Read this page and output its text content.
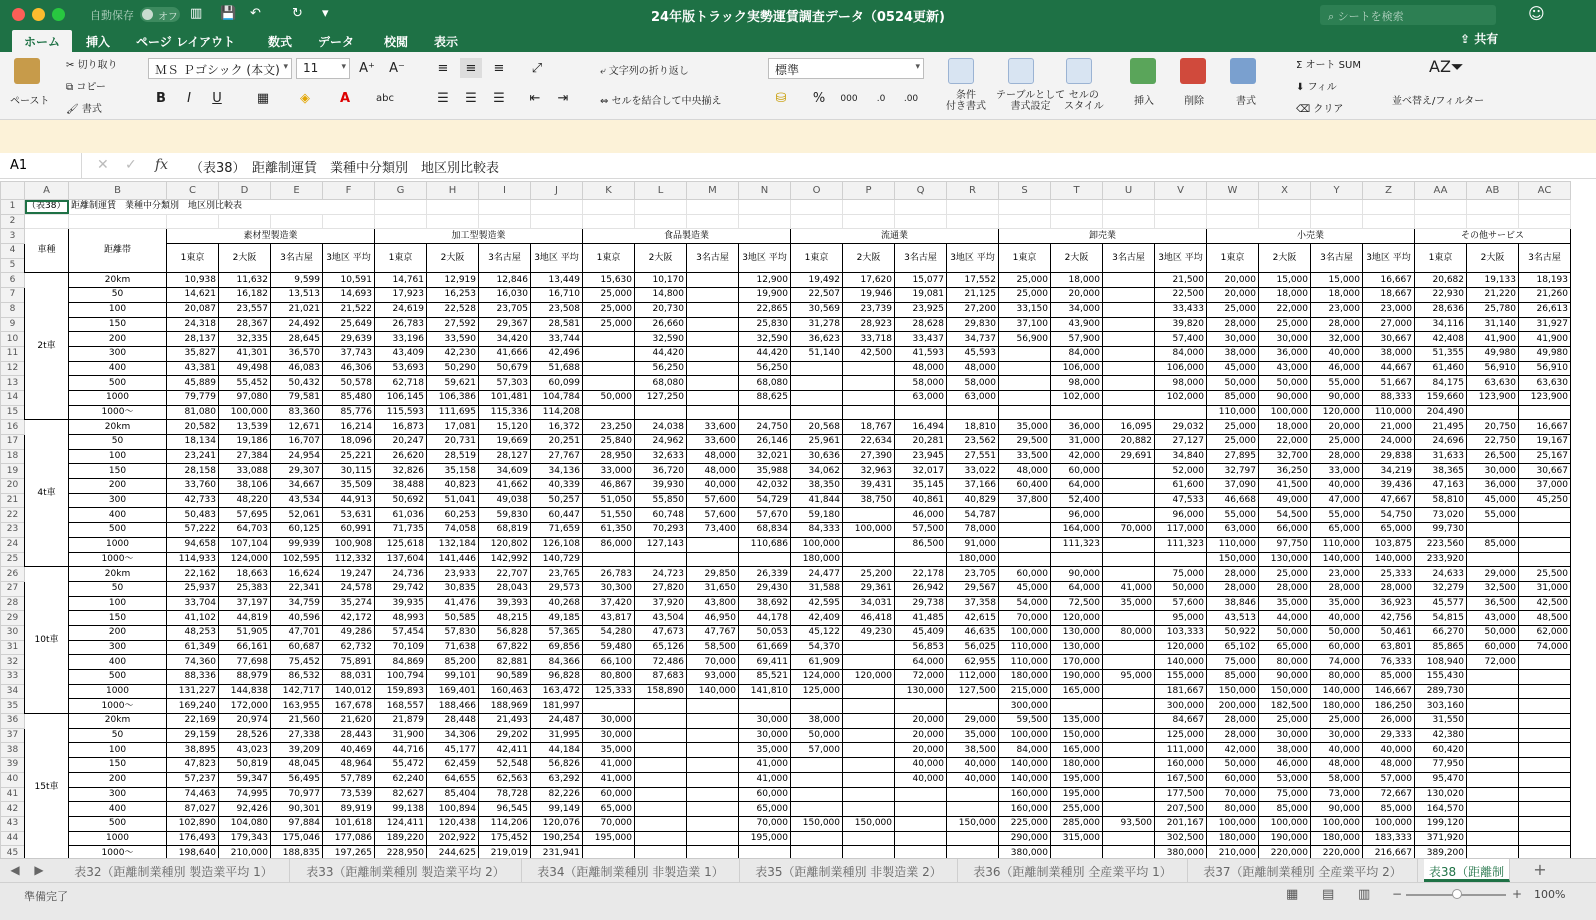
自動保存 オフ ▥ 💾 ↶ ↻ ▾	24年版トラック実勢運賃調査データ（0524更新)	⌕ シートを検索	☺
ホーム	挿入 ページ レイアウト	数式 データ 校閲 表示	⇪ 共有
ペースト
✂ 切り取り
⧉ コピー
🖌 書式
ＭＳ Ｐゴシック (本文) ▾	11 ▾	A⁺ A⁻
B	I	U	▦	◈	A	abc
≡	≡	≡	⤢
☰	☰	☰	⇤	⇥
⤶ 文字列の折り返し
⇔ セルを結合して中央揃え
標準 ▾
⛁	%	000	.0	.00	条件
付き書式
テーブルとして
書式設定
セルの
スタイル	挿入	削除	書式
Σ オート SUM
⬇ フィル
⌫ クリア
AZ⏷
並べ替え/フィルター
A1	✕ ✓ fx （表38）　距離制運賃　業種中分類別　地区別比較表
	A	B	C	D	E	F	G	H	I	J	K	L	M	N	O	P	Q	R	S	T	U	V	W	X	Y	Z	AA	AB	AC
1	（表38）	距離制運賃　業種中分類別　地区別比較表																											
2																													
3	車種	距離帯	素材型製造業				加工型製造業				食品製造業				流通業				卸売業				小売業				その他サービス		
4			1東京	2大阪	3名古屋	3地区 平均	1東京	2大阪	3名古屋	3地区 平均	1東京	2大阪	3名古屋	3地区 平均	1東京	2大阪	3名古屋	3地区 平均	1東京	2大阪	3名古屋	3地区 平均	1東京	2大阪	3名古屋	3地区 平均	1東京	2大阪	3名古屋
5																													
6	2t車	20km	10,938	11,632	9,599	10,591	14,761	12,919	12,846	13,449	15,630	10,170		12,900	19,492	17,620	15,077	17,552	25,000	18,000		21,500	20,000	15,000	15,000	16,667	20,682	19,133	18,193
7		50	14,621	16,182	13,513	14,693	17,923	16,253	16,030	16,710	25,000	14,800		19,900	22,507	19,946	19,081	21,125	25,000	20,000		22,500	20,000	18,000	18,000	18,667	22,930	21,220	21,260
8		100	20,087	23,557	21,021	21,522	24,619	22,528	23,705	23,508	25,000	20,730		22,865	30,569	23,739	23,925	27,200	33,150	34,000		33,433	25,000	22,000	23,000	23,000	28,636	25,780	26,613
9		150	24,318	28,367	24,492	25,649	26,783	27,592	29,367	28,581	25,000	26,660		25,830	31,278	28,923	28,628	29,830	37,100	43,900		39,820	28,000	25,000	28,000	27,000	34,116	31,140	31,927
10		200	28,137	32,335	28,645	29,639	33,196	33,590	34,420	33,744		32,590		32,590	36,623	33,718	33,437	34,737	56,900	57,900		57,400	30,000	30,000	32,000	30,667	42,408	41,900	41,900
11		300	35,827	41,301	36,570	37,743	43,409	42,230	41,666	42,496		44,420		44,420	51,140	42,500	41,593	45,593		84,000		84,000	38,000	36,000	40,000	38,000	51,355	49,980	49,980
12		400	43,381	49,498	46,083	46,306	53,693	50,290	50,679	51,688		56,250		56,250			48,000	48,000		106,000		106,000	45,000	43,000	46,000	44,667	61,460	56,910	56,910
13		500	45,889	55,452	50,432	50,578	62,718	59,621	57,303	60,099		68,080		68,080			58,000	58,000		98,000		98,000	50,000	50,000	55,000	51,667	84,175	63,630	63,630
14		1000	79,779	97,080	79,581	85,480	106,145	106,386	101,481	104,784	50,000	127,250		88,625			63,000	63,000		102,000		102,000	85,000	90,000	90,000	88,333	159,660	123,900	123,900
15		1000～	81,080	100,000	83,360	85,776	115,593	111,695	115,336	114,208													110,000	100,000	120,000	110,000	204,490		
16	4t車	20km	20,582	13,539	12,671	16,214	16,873	17,081	15,120	16,372	23,250	24,038	33,600	24,750	20,568	18,767	16,494	18,810	35,000	36,000	16,095	29,032	25,000	18,000	20,000	21,000	21,495	20,750	16,667
17		50	18,134	19,186	16,707	18,096	20,247	20,731	19,669	20,251	25,840	24,962	33,600	26,146	25,961	22,634	20,281	23,562	29,500	31,000	20,882	27,127	25,000	22,000	25,000	24,000	24,696	22,750	19,167
18		100	23,241	27,384	24,954	25,221	26,620	28,519	28,127	27,767	28,950	32,633	48,000	32,021	30,636	27,390	23,945	27,551	33,500	42,000	29,691	34,840	27,895	32,700	28,000	29,838	31,633	26,500	25,167
19		150	28,158	33,088	29,307	30,115	32,826	35,158	34,609	34,136	33,000	36,720	48,000	35,988	34,062	32,963	32,017	33,022	48,000	60,000		52,000	32,797	36,250	33,000	34,219	38,365	30,000	30,667
20		200	33,760	38,106	34,667	35,509	38,488	40,823	41,662	40,339	46,867	39,930	40,000	42,032	38,350	39,431	35,145	37,166	60,400	64,000		61,600	37,090	41,500	40,000	39,436	47,163	36,000	37,000
21		300	42,733	48,220	43,534	44,913	50,692	51,041	49,038	50,257	51,050	55,850	57,600	54,729	41,844	38,750	40,861	40,829	37,800	52,400		47,533	46,668	49,000	47,000	47,667	58,810	45,000	45,250
22		400	50,483	57,695	52,061	53,631	61,036	60,253	59,830	60,447	51,550	60,748	57,600	57,670	59,180		46,000	54,787		96,000		96,000	55,000	54,500	55,000	54,750	73,020	55,000	
23		500	57,222	64,703	60,125	60,991	71,735	74,058	68,819	71,659	61,350	70,293	73,400	68,834	84,333	100,000	57,500	78,000		164,000	70,000	117,000	63,000	66,000	65,000	65,000	99,730		
24		1000	94,658	107,104	99,939	100,908	125,618	132,184	120,802	126,108	86,000	127,143		110,686	100,000		86,500	91,000		111,323		111,323	110,000	97,750	110,000	103,875	223,560	85,000	
25		1000～	114,933	124,000	102,595	112,332	137,604	141,446	142,992	140,729					180,000			180,000					150,000	130,000	140,000	140,000	233,920		
26	10t車	20km	22,162	18,663	16,624	19,247	24,736	23,933	22,707	23,765	26,783	24,723	29,850	26,339	24,477	25,200	22,178	23,705	60,000	90,000		75,000	28,000	25,000	23,000	25,333	24,633	29,000	25,500
27		50	25,937	25,383	22,341	24,578	29,742	30,835	28,043	29,573	30,300	27,820	31,650	29,430	31,588	29,361	26,942	29,567	45,000	64,000	41,000	50,000	28,000	28,000	28,000	28,000	32,279	32,500	31,000
28		100	33,704	37,197	34,759	35,274	39,935	41,476	39,393	40,268	37,420	37,920	43,800	38,692	42,595	34,031	29,738	37,358	54,000	72,500	35,000	57,600	38,846	35,000	35,000	36,923	45,577	36,500	42,500
29		150	41,102	44,819	40,596	42,172	48,993	50,585	48,215	49,185	43,817	43,504	46,950	44,178	42,409	46,418	41,485	42,615	70,000	120,000		95,000	43,513	44,000	40,000	42,756	54,815	43,000	48,500
30		200	48,253	51,905	47,701	49,286	57,454	57,830	56,828	57,365	54,280	47,673	47,767	50,053	45,122	49,230	45,409	46,635	100,000	130,000	80,000	103,333	50,922	50,000	50,000	50,461	66,270	50,000	62,000
31		300	61,349	66,161	60,687	62,732	70,109	71,638	67,822	69,856	59,480	65,126	58,500	61,669	54,370		56,853	56,025	110,000	130,000		120,000	65,102	65,000	60,000	63,801	85,865	60,000	74,000
32		400	74,360	77,698	75,452	75,891	84,869	85,200	82,881	84,366	66,100	72,486	70,000	69,411	61,909		64,000	62,955	110,000	170,000		140,000	75,000	80,000	74,000	76,333	108,940	72,000	
33		500	88,336	88,979	86,532	88,031	100,794	99,101	90,589	96,828	80,800	87,683	93,000	85,521	124,000	120,000	72,000	112,000	180,000	190,000	95,000	155,000	85,000	90,000	80,000	85,000	155,430		
34		1000	131,227	144,838	142,717	140,012	159,893	169,401	160,463	163,472	125,333	158,890	140,000	141,810	125,000		130,000	127,500	215,000	165,000		181,667	150,000	150,000	140,000	146,667	289,730		
35		1000～	169,240	172,000	163,955	167,678	168,557	188,466	188,969	181,997									300,000			300,000	200,000	182,500	180,000	186,250	303,160		
36	15t車	20km	22,169	20,974	21,560	21,620	21,879	28,448	21,493	24,487	30,000			30,000	38,000		20,000	29,000	59,500	135,000		84,667	28,000	25,000	25,000	26,000	31,550		
37		50	29,159	28,526	27,338	28,443	31,900	34,306	29,202	31,995	30,000			30,000	50,000		20,000	35,000	100,000	150,000		125,000	28,000	30,000	30,000	29,333	42,380		
38		100	38,895	43,023	39,209	40,469	44,716	45,177	42,411	44,184	35,000			35,000	57,000		20,000	38,500	84,000	165,000		111,000	42,000	38,000	40,000	40,000	60,420		
39		150	47,823	50,819	48,045	48,964	55,472	62,459	52,548	56,826	41,000			41,000			40,000	40,000	140,000	180,000		160,000	50,000	46,000	48,000	48,000	77,950		
40		200	57,237	59,347	56,495	57,789	62,240	64,655	62,563	63,292	41,000			41,000			40,000	40,000	140,000	195,000		167,500	60,000	53,000	58,000	57,000	95,470		
41		300	74,463	74,995	70,977	73,539	82,627	85,404	78,728	82,226	60,000			60,000					160,000	195,000		177,500	70,000	75,000	73,000	72,667	130,020		
42		400	87,027	92,426	90,301	89,919	99,138	100,894	96,545	99,149	65,000			65,000					160,000	255,000		207,500	80,000	85,000	90,000	85,000	164,570		
43		500	102,890	104,080	97,884	101,618	124,411	120,438	114,206	120,076	70,000			70,000	150,000	150,000		150,000	225,000	285,000	93,500	201,167	100,000	100,000	100,000	100,000	199,120		
44		1000	176,493	179,343	175,046	177,086	189,220	202,922	175,452	190,254	195,000			195,000					290,000	315,000		302,500	180,000	190,000	180,000	183,333	371,920		
45		1000～	198,640	210,000	188,835	197,265	228,950	244,625	219,019	231,941									380,000			380,000	210,000	220,000	220,000	216,667	389,200		
◀	▶	表32（距離制業種別 製造業平均 1）	表33（距離制業種別 製造業平均 2）	表34（距離制業種別 非製造業 1）	表35（距離制業種別 非製造業 2）	表36（距離制業種別 全産業平均 1）	表37（距離制業種別 全産業平均 2）	表38（距離制	+
準備完了	▦ ▤ ▥ −	+ 100%
